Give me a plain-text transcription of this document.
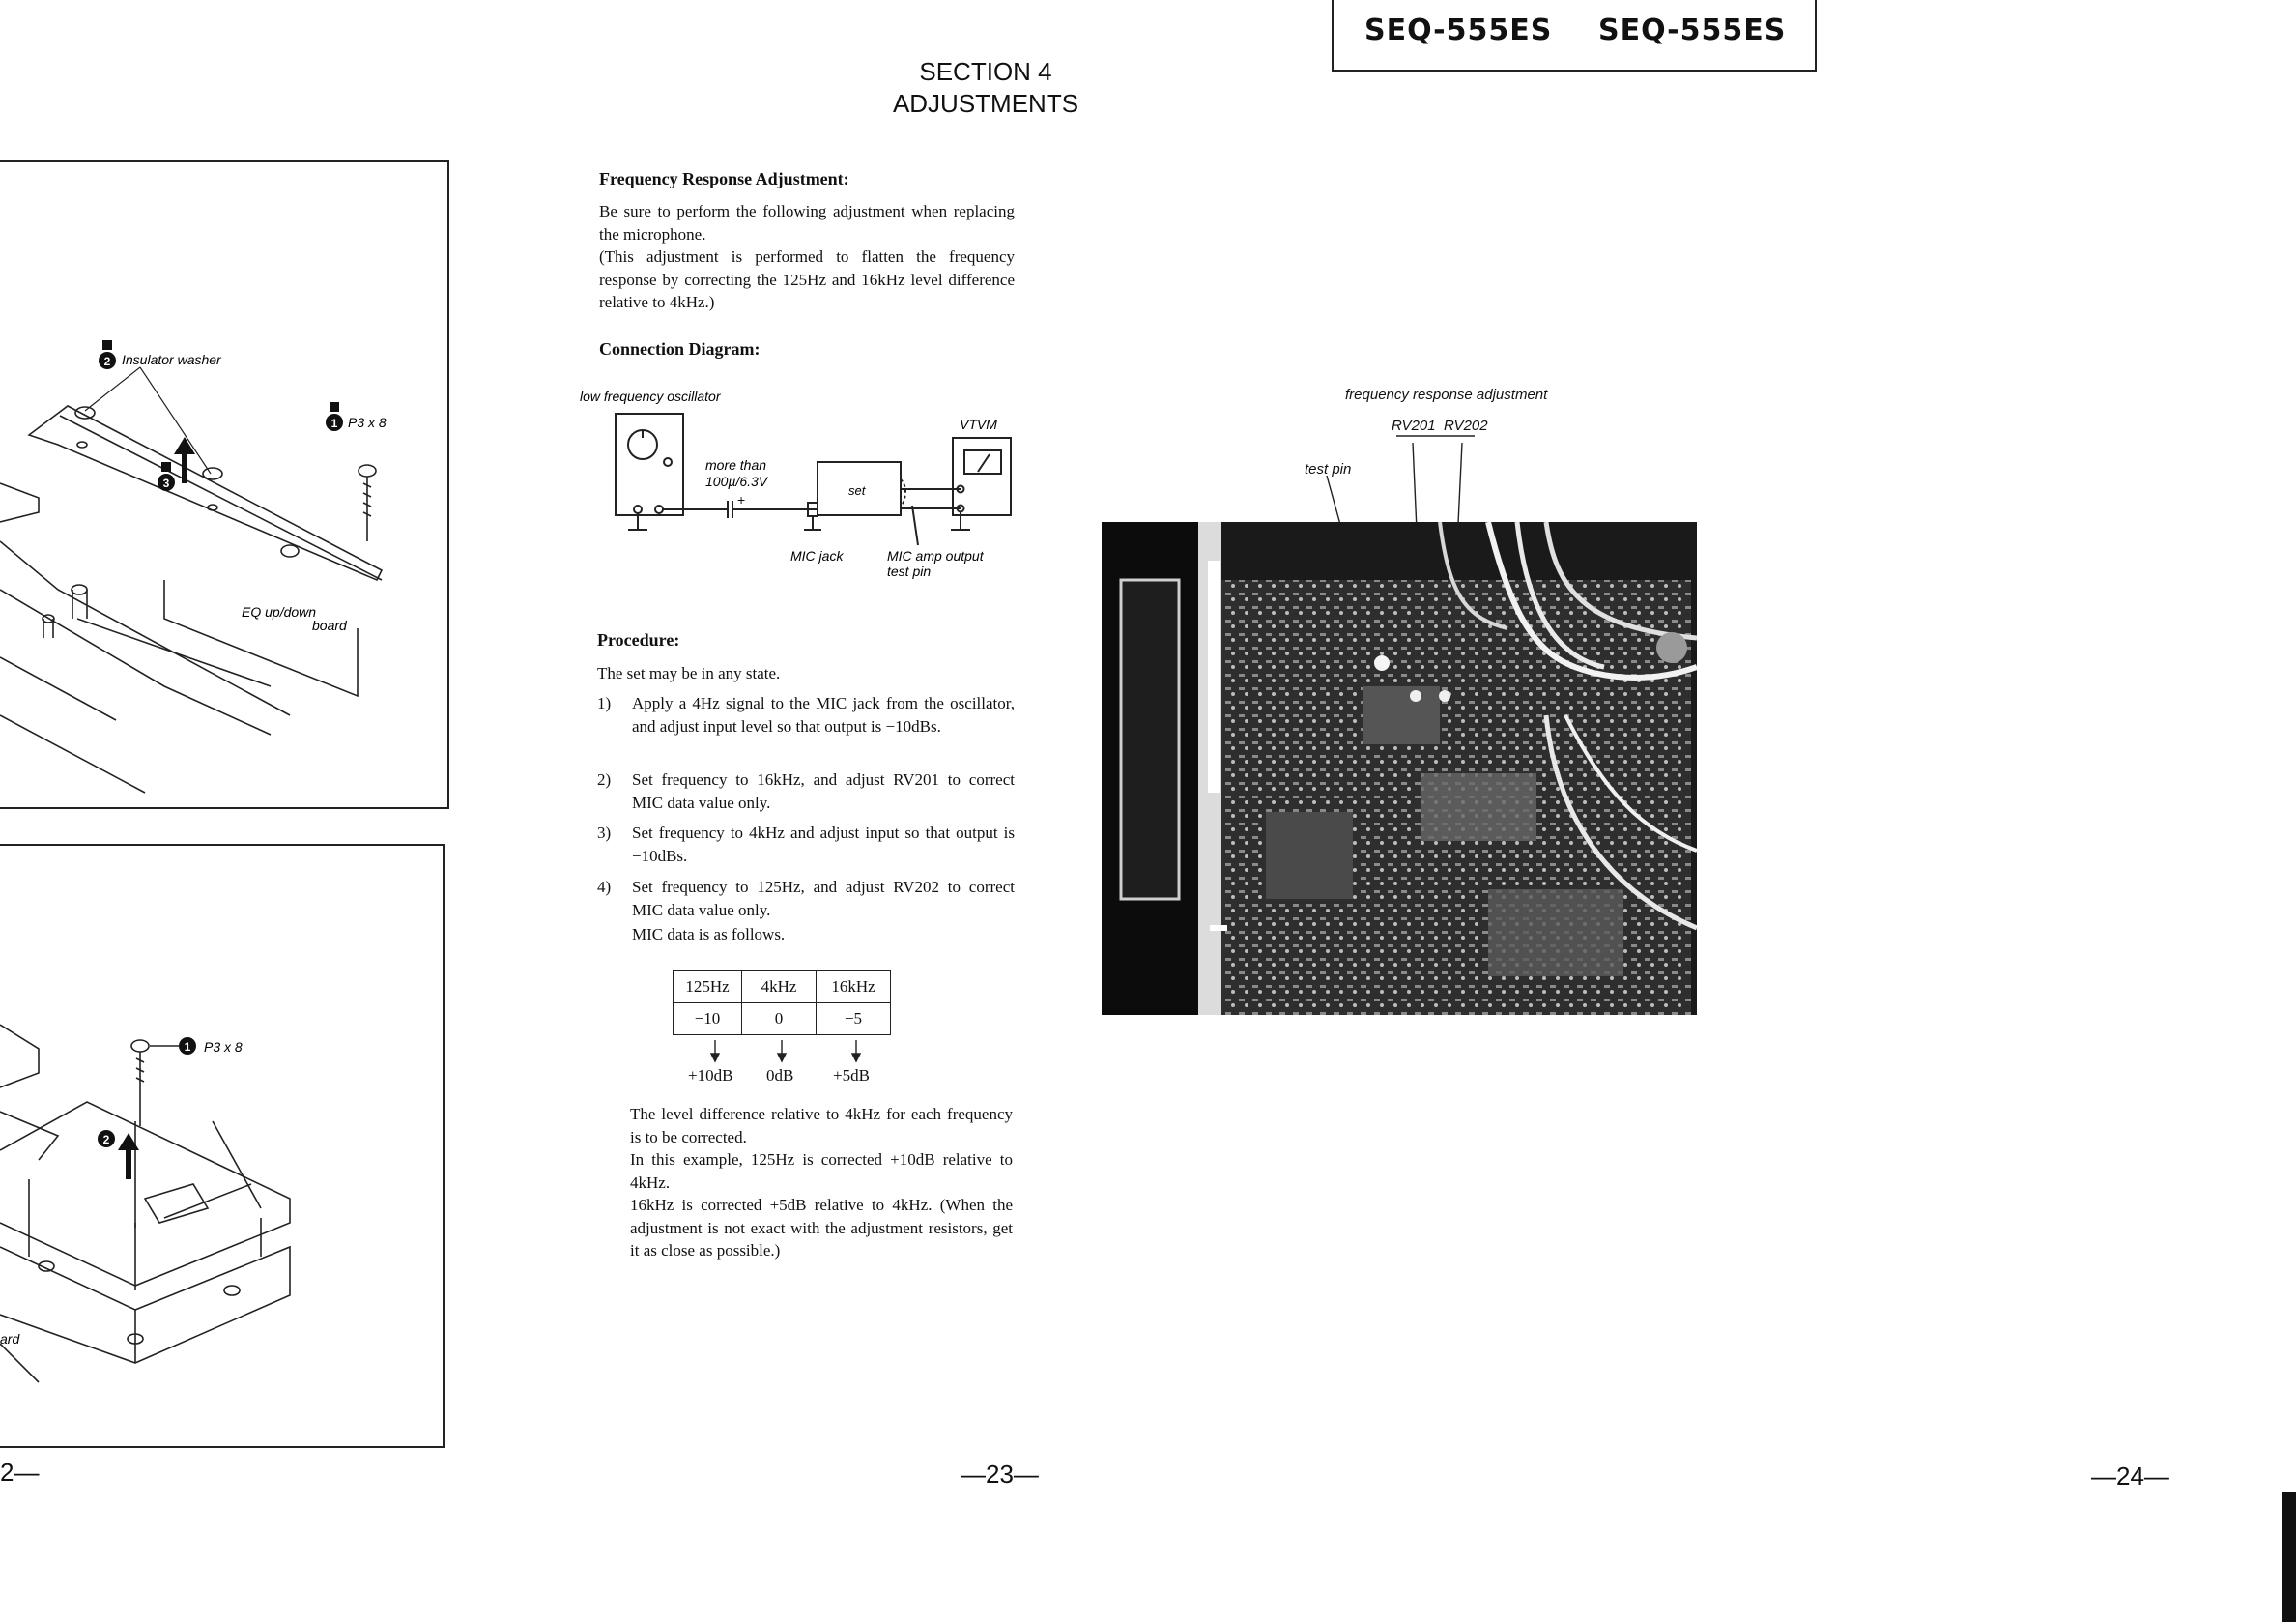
SEQ-555ES SEQ-555ES
SECTION 4
ADJUSTMENTS
2
1
3
Insulator washer
P3 x 8
EQ up/down
board
1
2
P3 x 8
ard
Frequency Response Adjustment:
Be sure to perform the following adjustment when replacing the microphone.
(This adjustment is performed to flatten the frequency response by correcting the 125Hz and 16kHz level difference relative to 4kHz.)
Connection Diagram:
+
low frequency oscillator
VTVM
more than
100µ/6.3V
set
MIC jack	MIC amp output
test pin
Procedure:
The set may be in any state.
1) Apply a 4Hz signal to the MIC jack from the oscillator, and adjust input level so that output is −10dBs.
2) Set frequency to 16kHz, and adjust RV201 to correct MIC data value only.
3) Set frequency to 4kHz and adjust input so that output is −10dBs.
4) Set frequency to 125Hz, and adjust RV202 to correct MIC data value only.
MIC data is as follows.
125Hz	4kHz	16kHz
−10	0	−5
+10dB 0dB +5dB
The level difference relative to 4kHz for each frequency is to be corrected.
In this example, 125Hz is corrected +10dB relative to 4kHz.
16kHz is corrected +5dB relative to 4kHz. (When the adjustment is not exact with the adjustment resistors, get it as close as possible.)
frequency response adjustment
RV201 RV202
test pin
2—	—23—	—24—
